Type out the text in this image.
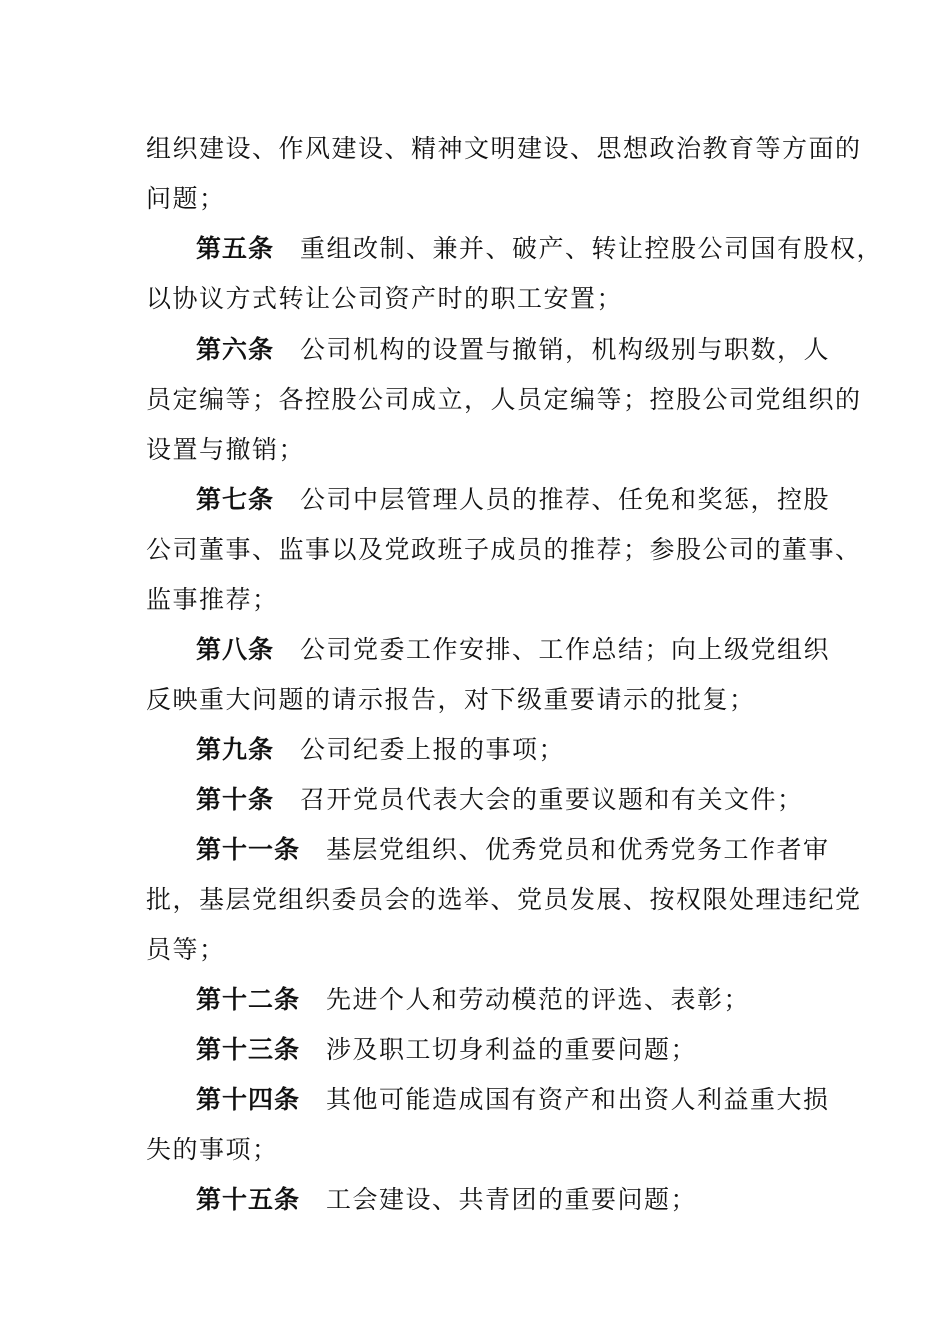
组织建设、作风建设、精神文明建设、思想政治教育等方面的
问题；
第五条 重组改制、兼并、破产、转让控股公司国有股权，
以协议方式转让公司资产时的职工安置；
第六条 公司机构的设置与撤销，机构级别与职数，人
员定编等；各控股公司成立，人员定编等；控股公司党组织的
设置与撤销；
第七条 公司中层管理人员的推荐、任免和奖惩，控股
公司董事、监事以及党政班子成员的推荐；参股公司的董事、
监事推荐；
第八条 公司党委工作安排、工作总结；向上级党组织
反映重大问题的请示报告，对下级重要请示的批复；
第九条 公司纪委上报的事项；
第十条 召开党员代表大会的重要议题和有关文件；
第十一条 基层党组织、优秀党员和优秀党务工作者审
批，基层党组织委员会的选举、党员发展、按权限处理违纪党
员等；
第十二条 先进个人和劳动模范的评选、表彰；
第十三条 涉及职工切身利益的重要问题；
第十四条 其他可能造成国有资产和出资人利益重大损
失的事项；
第十五条 工会建设、共青团的重要问题；
